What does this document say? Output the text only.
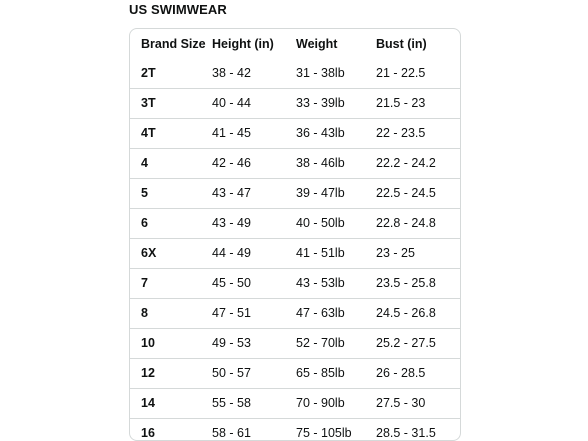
US SWIMWEAR
Brand Size	Height (in)	Weight	Bust (in)
2T	38 - 42	31 - 38lb	21 - 22.5
3T	40 - 44	33 - 39lb	21.5 - 23
4T	41 - 45	36 - 43lb	22 - 23.5
4	42 - 46	38 - 46lb	22.2 - 24.2
5	43 - 47	39 - 47lb	22.5 - 24.5
6	43 - 49	40 - 50lb	22.8 - 24.8
6X	44 - 49	41 - 51lb	23 - 25
7	45 - 50	43 - 53lb	23.5 - 25.8
8	47 - 51	47 - 63lb	24.5 - 26.8
10	49 - 53	52 - 70lb	25.2 - 27.5
12	50 - 57	65 - 85lb	26 - 28.5
14	55 - 58	70 - 90lb	27.5 - 30
16	58 - 61	75 - 105lb	28.5 - 31.5
